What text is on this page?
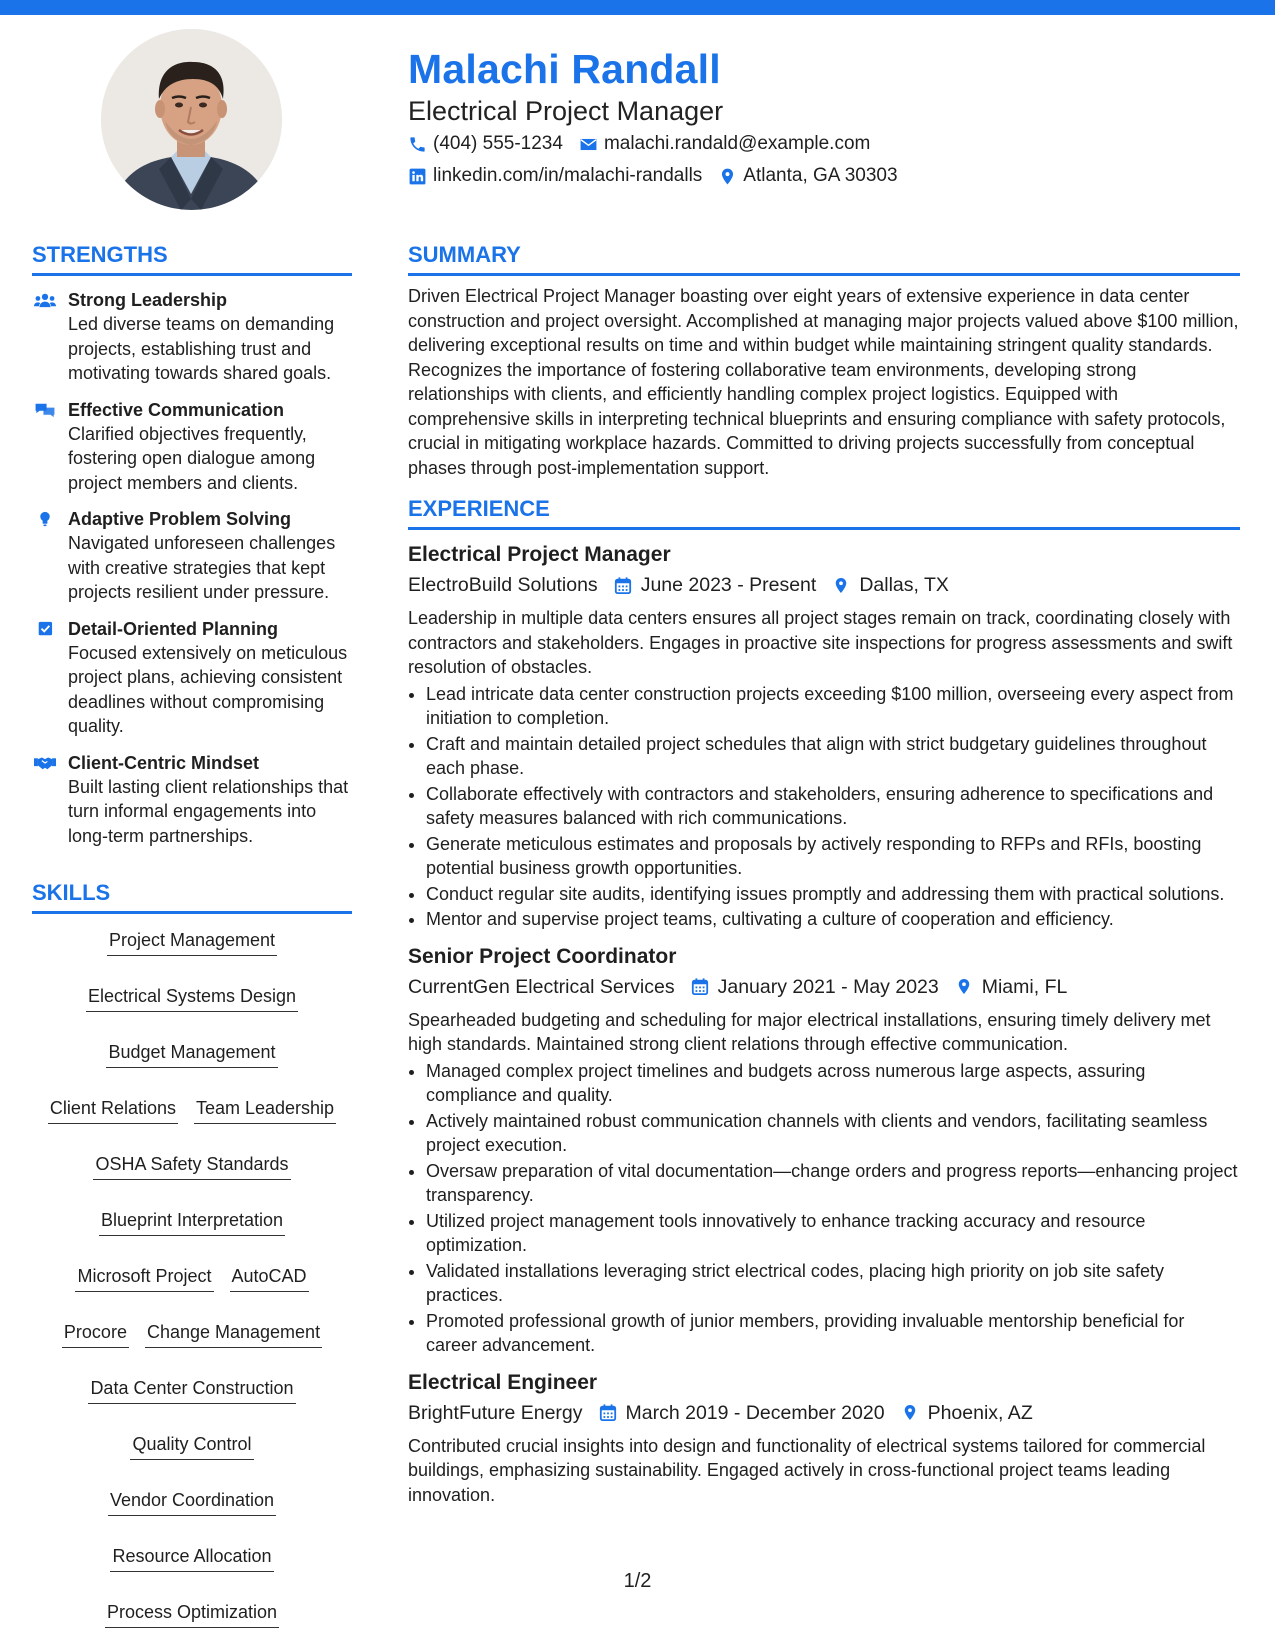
Malachi Randall
Electrical Project Manager
(404) 555-1234 malachi.randald@example.com
linkedin.com/in/malachi-randalls Atlanta, GA 30303
STRENGTHS
Strong Leadership
Led diverse teams on demanding projects, establishing trust and motivating towards shared goals.
Effective Communication
Clarified objectives frequently, fostering open dialogue among project members and clients.
Adaptive Problem Solving
Navigated unforeseen challenges with creative strategies that kept projects resilient under pressure.
Detail-Oriented Planning
Focused extensively on meticulous project plans, achieving consistent deadlines without compromising quality.
Client-Centric Mindset
Built lasting client relationships that turn informal engagements into long-term partnerships.
SKILLS
Project Management
Electrical Systems Design
Budget Management
Client Relations Team Leadership
OSHA Safety Standards
Blueprint Interpretation
Microsoft Project AutoCAD
Procore Change Management
Data Center Construction
Quality Control
Vendor Coordination
Resource Allocation
Process Optimization
SUMMARY
Driven Electrical Project Manager boasting over eight years of extensive experience in data center construction and project oversight. Accomplished at managing major projects valued above $100 million, delivering exceptional results on time and within budget while maintaining stringent quality standards. Recognizes the importance of fostering collaborative team environments, developing strong relationships with clients, and efficiently handling complex project logistics. Equipped with comprehensive skills in interpreting technical blueprints and ensuring compliance with safety protocols, crucial in mitigating workplace hazards. Committed to driving projects successfully from conceptual phases through post-implementation support.
EXPERIENCE
Electrical Project Manager
ElectroBuild Solutions June 2023 - Present Dallas, TX
Leadership in multiple data centers ensures all project stages remain on track, coordinating closely with contractors and stakeholders. Engages in proactive site inspections for progress assessments and swift resolution of obstacles.
• Lead intricate data center construction projects exceeding $100 million, overseeing every aspect from initiation to completion.
• Craft and maintain detailed project schedules that align with strict budgetary guidelines throughout each phase.
• Collaborate effectively with contractors and stakeholders, ensuring adherence to specifications and safety measures balanced with rich communications.
• Generate meticulous estimates and proposals by actively responding to RFPs and RFIs, boosting potential business growth opportunities.
• Conduct regular site audits, identifying issues promptly and addressing them with practical solutions.
• Mentor and supervise project teams, cultivating a culture of cooperation and efficiency.
Senior Project Coordinator
CurrentGen Electrical Services January 2021 - May 2023 Miami, FL
Spearheaded budgeting and scheduling for major electrical installations, ensuring timely delivery met high standards. Maintained strong client relations through effective communication.
• Managed complex project timelines and budgets across numerous large aspects, assuring compliance and quality.
• Actively maintained robust communication channels with clients and vendors, facilitating seamless project execution.
• Oversaw preparation of vital documentation—change orders and progress reports—enhancing project transparency.
• Utilized project management tools innovatively to enhance tracking accuracy and resource optimization.
• Validated installations leveraging strict electrical codes, placing high priority on job site safety practices.
• Promoted professional growth of junior members, providing invaluable mentorship beneficial for career advancement.
Electrical Engineer
BrightFuture Energy March 2019 - December 2020 Phoenix, AZ
Contributed crucial insights into design and functionality of electrical systems tailored for commercial buildings, emphasizing sustainability. Engaged actively in cross-functional project teams leading innovation.
1/2
